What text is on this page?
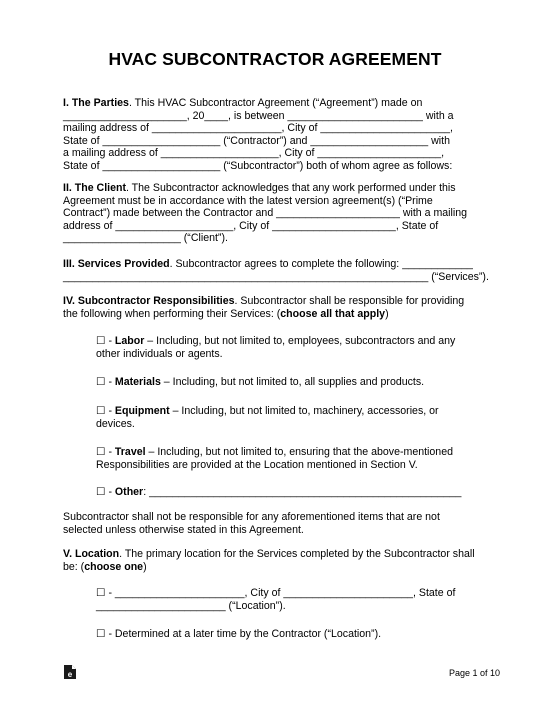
HVAC SUBCONTRACTOR AGREEMENT
I. The Parties. This HVAC Subcontractor Agreement (“Agreement”) made on
_____________________, 20____, is between _______________________ with a
mailing address of ______________________, City of ______________________,
State of ____________________ (“Contractor”) and ____________________ with
a mailing address of ____________________, City of _____________________,
State of ____________________ (“Subcontractor”) both of whom agree as follows:
II. The Client. The Subcontractor acknowledges that any work performed under this
Agreement must be in accordance with the latest version agreement(s) (“Prime
Contract”) made between the Contractor and _____________________ with a mailing
address of ____________________, City of _____________________, State of
____________________ (“Client”).
III. Services Provided. Subcontractor agrees to complete the following: ____________
______________________________________________________________ (“Services”).
IV. Subcontractor Responsibilities. Subcontractor shall be responsible for providing
the following when performing their Services: (choose all that apply)
☐ - Labor – Including, but not limited to, employees, subcontractors and any
other individuals or agents.
☐ - Materials – Including, but not limited to, all supplies and products.
☐ - Equipment – Including, but not limited to, machinery, accessories, or
devices.
☐ - Travel – Including, but not limited to, ensuring that the above-mentioned
Responsibilities are provided at the Location mentioned in Section V.
☐ - Other: _____________________________________________________
Subcontractor shall not be responsible for any aforementioned items that are not
selected unless otherwise stated in this Agreement.
V. Location. The primary location for the Services completed by the Subcontractor shall
be: (choose one)
☐ - ______________________, City of ______________________, State of
______________________ (“Location”).
☐ - Determined at a later time by the Contractor (“Location”).
e	Page 1 of 10
